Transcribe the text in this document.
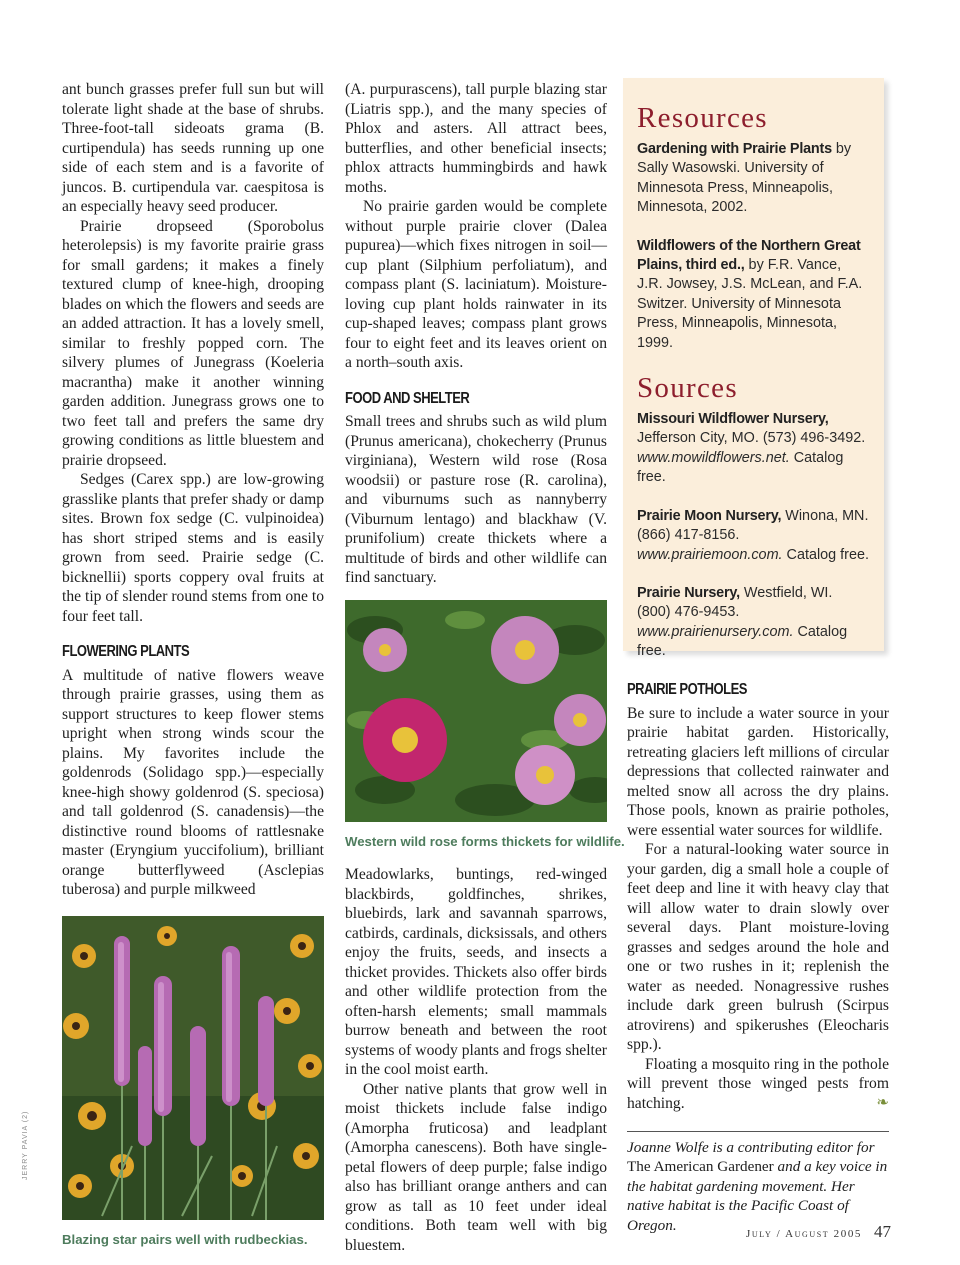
ant bunch grasses prefer full sun but will tolerate light shade at the base of shrubs. Three-foot-tall sideoats grama (B. curtipendula) has seeds running up one side of each stem and is a favorite of juncos. B. curtipendula var. caespitosa is an especially heavy seed producer.

Prairie dropseed (Sporobolus heterolepsis) is my favorite prairie grass for small gardens; it makes a finely textured clump of knee-high, drooping blades on which the flowers and seeds are an added attraction. It has a lovely smell, similar to freshly popped corn. The silvery plumes of Junegrass (Koeleria macrantha) make it another winning garden addition. Junegrass grows one to two feet tall and prefers the same dry growing conditions as little bluestem and prairie dropseed.

Sedges (Carex spp.) are low-growing grasslike plants that prefer shady or damp sites. Brown fox sedge (C. vulpinoidea) has short striped stems and is easily grown from seed. Prairie sedge (C. bicknellii) sports coppery oval fruits at the tip of slender round stems from one to four feet tall.

FLOWERING PLANTS

A multitude of native flowers weave through prairie grasses, using them as support structures to keep flower stems upright when strong winds scour the plains. My favorites include the goldenrods (Solidago spp.)—especially knee-high showy goldenrod (S. speciosa) and tall goldenrod (S. canadensis)—the distinctive round blooms of rattlesnake master (Eryngium yuccifolium), brilliant orange butterflyweed (Asclepias tuberosa) and purple milkweed

Blazing star pairs well with rudbeckias.
JERRY PAVIA (2)

(A. purpurascens), tall purple blazing star (Liatris spp.), and the many species of Phlox and asters. All attract bees, butterflies, and other beneficial insects; phlox attracts hummingbirds and hawk moths.

No prairie garden would be complete without purple prairie clover (Dalea pupurea)—which fixes nitrogen in soil—cup plant (Silphium perfoliatum), and compass plant (S. laciniatum). Moisture-loving cup plant holds rainwater in its cup-shaped leaves; compass plant grows four to eight feet and its leaves orient on a north–south axis.

FOOD AND SHELTER

Small trees and shrubs such as wild plum (Prunus americana), chokecherry (Prunus virginiana), Western wild rose (Rosa woodsii) or pasture rose (R. carolina), and viburnums such as nannyberry (Viburnum lentago) and blackhaw (V. prunifolium) create thickets where a multitude of birds and other wildlife can find sanctuary.

Western wild rose forms thickets for wildlife.

Meadowlarks, buntings, red-winged blackbirds, goldfinches, shrikes, bluebirds, lark and savannah sparrows, catbirds, cardinals, dicksissals, and others enjoy the fruits, seeds, and insects a thicket provides. Thickets also offer birds and other wildlife protection from the often-harsh elements; small mammals burrow beneath and between the root systems of woody plants and frogs shelter in the cool moist earth.

Other native plants that grow well in moist thickets include false indigo (Amorpha fruticosa) and leadplant (Amorpha canescens). Both have single-petal flowers of deep purple; false indigo also has brilliant orange anthers and can grow as tall as 10 feet under ideal conditions. Both team well with big bluestem.

Resources
Gardening with Prairie Plants by Sally Wasowski. University of Minnesota Press, Minneapolis, Minnesota, 2002.
Wildflowers of the Northern Great Plains, third ed., by F.R. Vance, J.R. Jowsey, J.S. McLean, and F.A. Switzer. University of Minnesota Press, Minneapolis, Minnesota, 1999.
Sources
Missouri Wildflower Nursery, Jefferson City, MO. (573) 496-3492. www.mowildflowers.net. Catalog free.
Prairie Moon Nursery, Winona, MN. (866) 417-8156. www.prairiemoon.com. Catalog free.
Prairie Nursery, Westfield, WI. (800) 476-9453. www.prairienursery.com. Catalog free.
PRAIRIE POTHOLES

Be sure to include a water source in your prairie habitat garden. Historically, retreating glaciers left millions of circular depressions that collected rainwater and melted snow all across the dry plains. Those pools, known as prairie potholes, were essential water sources for wildlife.

For a natural-looking water source in your garden, dig a small hole a couple of feet deep and line it with heavy clay that will allow water to drain slowly over several days. Plant moisture-loving grasses and sedges around the hole and one or two rushes in it; replenish the water as needed. Nonagressive rushes include dark green bulrush (Scirpus atrovirens) and spikerushes (Eleocharis spp.).

Floating a mosquito ring in the pothole will prevent those winged pests from hatching.	❧

Joanne Wolfe is a contributing editor for The American Gardener and a key voice in the habitat gardening movement. Her native habitat is the Pacific Coast of Oregon.
July / August 2005 47
